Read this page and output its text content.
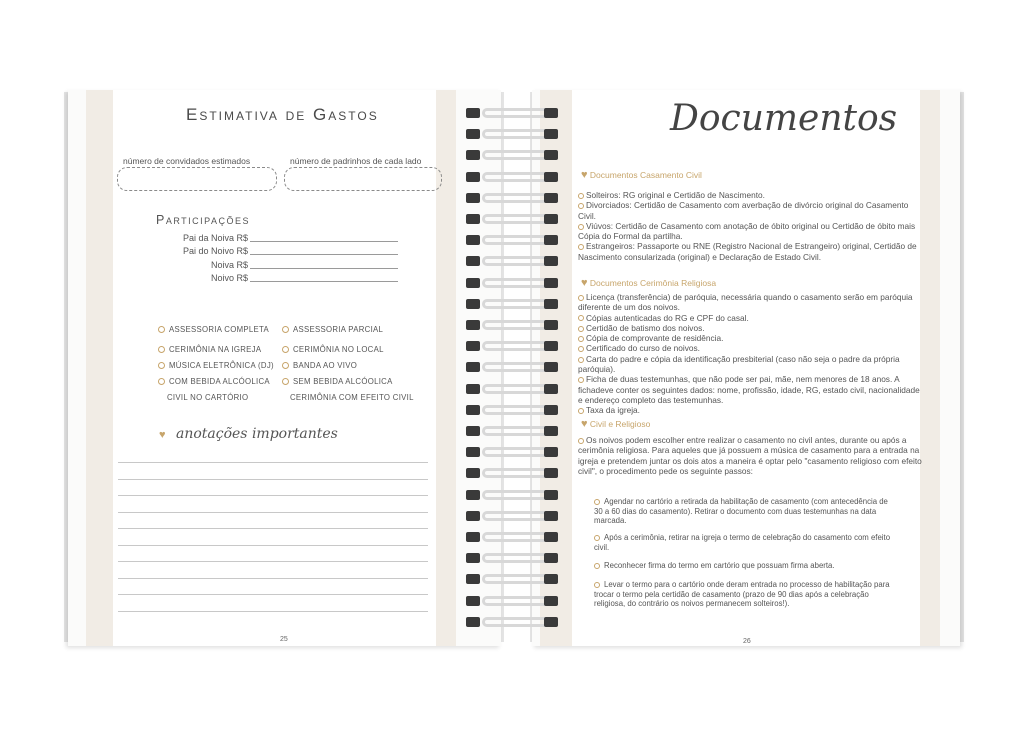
Estimativa de Gastos
número de convidados estimados	número de padrinhos de cada lado
Participações
Pai da Noiva R$
Pai do Noivo R$
Noiva R$
Noivo R$
ASSESSORIA COMPLETA	ASSESSORIA PARCIAL
CERIMÔNIA NA IGREJA	CERIMÔNIA NO LOCAL
MÚSICA ELETRÔNICA (DJ)	BANDA AO VIVO
COM BEBIDA ALCÓOLICA	SEM BEBIDA ALCÓOLICA
CIVIL NO CARTÓRIO	CERIMÔNIA COM EFEITO CIVIL
♥ anotações importantes
25
Documentos
♥ Documentos Casamento Civil
Solteiros: RG original e Certidão de Nascimento.
Divorciados: Certidão de Casamento com averbação de divórcio original do Casamento Civil.
Viúvos: Certidão de Casamento com anotação de óbito original ou Certidão de óbito mais Cópia do Formal da partilha.
Estrangeiros: Passaporte ou RNE (Registro Nacional de Estrangeiro) original, Certidão de Nascimento consularizada (original) e Declaração de Estado Civil.
♥ Documentos Cerimônia Religiosa
Licença (transferência) de paróquia, necessária quando o casamento serão em paróquia diferente de um dos noivos.
Cópias autenticadas do RG e CPF do casal.
Certidão de batismo dos noivos.
Cópia de comprovante de residência.
Certificado do curso de noivos.
Carta do padre e cópia da identificação presbiterial (caso não seja o padre da própria paróquia).
Ficha de duas testemunhas, que não pode ser pai, mãe, nem menores de 18 anos. A fichadeve conter os seguintes dados: nome, profissão, idade, RG, estado civil, nacionalidade e endereço completo das testemunhas.
Taxa da igreja.
♥ Civil e Religioso
Os noivos podem escolher entre realizar o casamento no civil antes, durante ou após a cerimônia religiosa. Para aqueles que já possuem a música de casamento para a entrada na igreja e pretendem juntar os dois atos a maneira é optar pelo "casamento religioso com efeito civil", o procedimento pede os seguinte passos:
Agendar no cartório a retirada da habilitação de casamento (com antecedência de 30 a 60 dias do casamento). Retirar o documento com duas testemunhas na data marcada.
Após a cerimônia, retirar na igreja o termo de celebração do casamento com efeito civil.
Reconhecer firma do termo em cartório que possuam firma aberta.
Levar o termo para o cartório onde deram entrada no processo de habilitação para trocar o termo pela certidão de casamento (prazo de 90 dias após a celebração religiosa, do contrário os noivos permanecem solteiros!).
26
